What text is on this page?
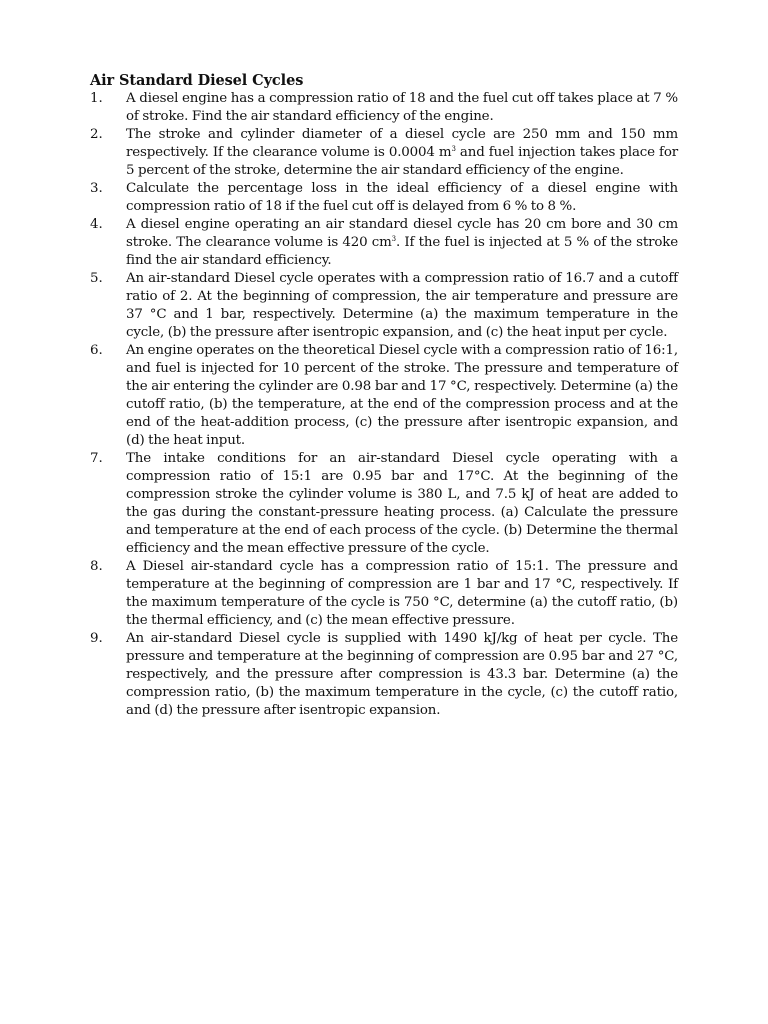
Air Standard Diesel Cycles
1.	A diesel engine has a compression ratio of 18 and the fuel cut off takes place at 7 % of stroke. Find the air standard efficiency of the engine.
2.	The stroke and cylinder diameter of a diesel cycle are 250 mm and 150 mm respectively. If the clearance volume is 0.0004 $m^3$ and fuel injection takes place for 5 percent of the stroke, determine the air standard efficiency of the engine.
3.	Calculate the percentage loss in the ideal efficiency of a diesel engine with compression ratio of 18 if the fuel cut off is delayed from 6 % to 8 %.
4.	A diesel engine operating an air standard diesel cycle has 20 cm bore and 30 cm stroke. The clearance volume is 420 $cm^3$. If the fuel is injected at 5 % of the stroke find the air standard efficiency.
5.	An air-standard Diesel cycle operates with a compression ratio of 16.7 and a cutoff ratio of 2. At the beginning of compression, the air temperature and pressure are 37 °C and 1 bar, respectively. Determine (a) the maximum temperature in the cycle, (b) the pressure after isentropic expansion, and (c) the heat input per cycle.
6.	An engine operates on the theoretical Diesel cycle with a compression ratio of 16:1, and fuel is injected for 10 percent of the stroke. The pressure and temperature of the air entering the cylinder are 0.98 bar and 17 °C, respectively. Determine (a) the cutoff ratio, (b) the temperature, at the end of the compression process and at the end of the heat-addition process, (c) the pressure after isentropic expansion, and (d) the heat input.
7.	The intake conditions for an air-standard Diesel cycle operating with a compression ratio of 15:1 are 0.95 bar and 17°C. At the beginning of the compression stroke the cylinder volume is 380 L, and 7.5 kJ of heat are added to the gas during the constant-pressure heating process. (a) Calculate the pressure and temperature at the end of each process of the cycle. (b) Determine the thermal efficiency and the mean effective pressure of the cycle.
8.	A Diesel air-standard cycle has a compression ratio of 15:1. The pressure and temperature at the beginning of compression are 1 bar and 17 °C, respectively. If the maximum temperature of the cycle is 750 °C, determine (a) the cutoff ratio, (b) the thermal efficiency, and (c) the mean effective pressure.
9.	An air-standard Diesel cycle is supplied with 1490 kJ/kg of heat per cycle. The pressure and temperature at the beginning of compression are 0.95 bar and 27 °C, respectively, and the pressure after compression is 43.3 bar. Determine (a) the compression ratio, (b) the maximum temperature in the cycle, (c) the cutoff ratio, and (d) the pressure after isentropic expansion.
